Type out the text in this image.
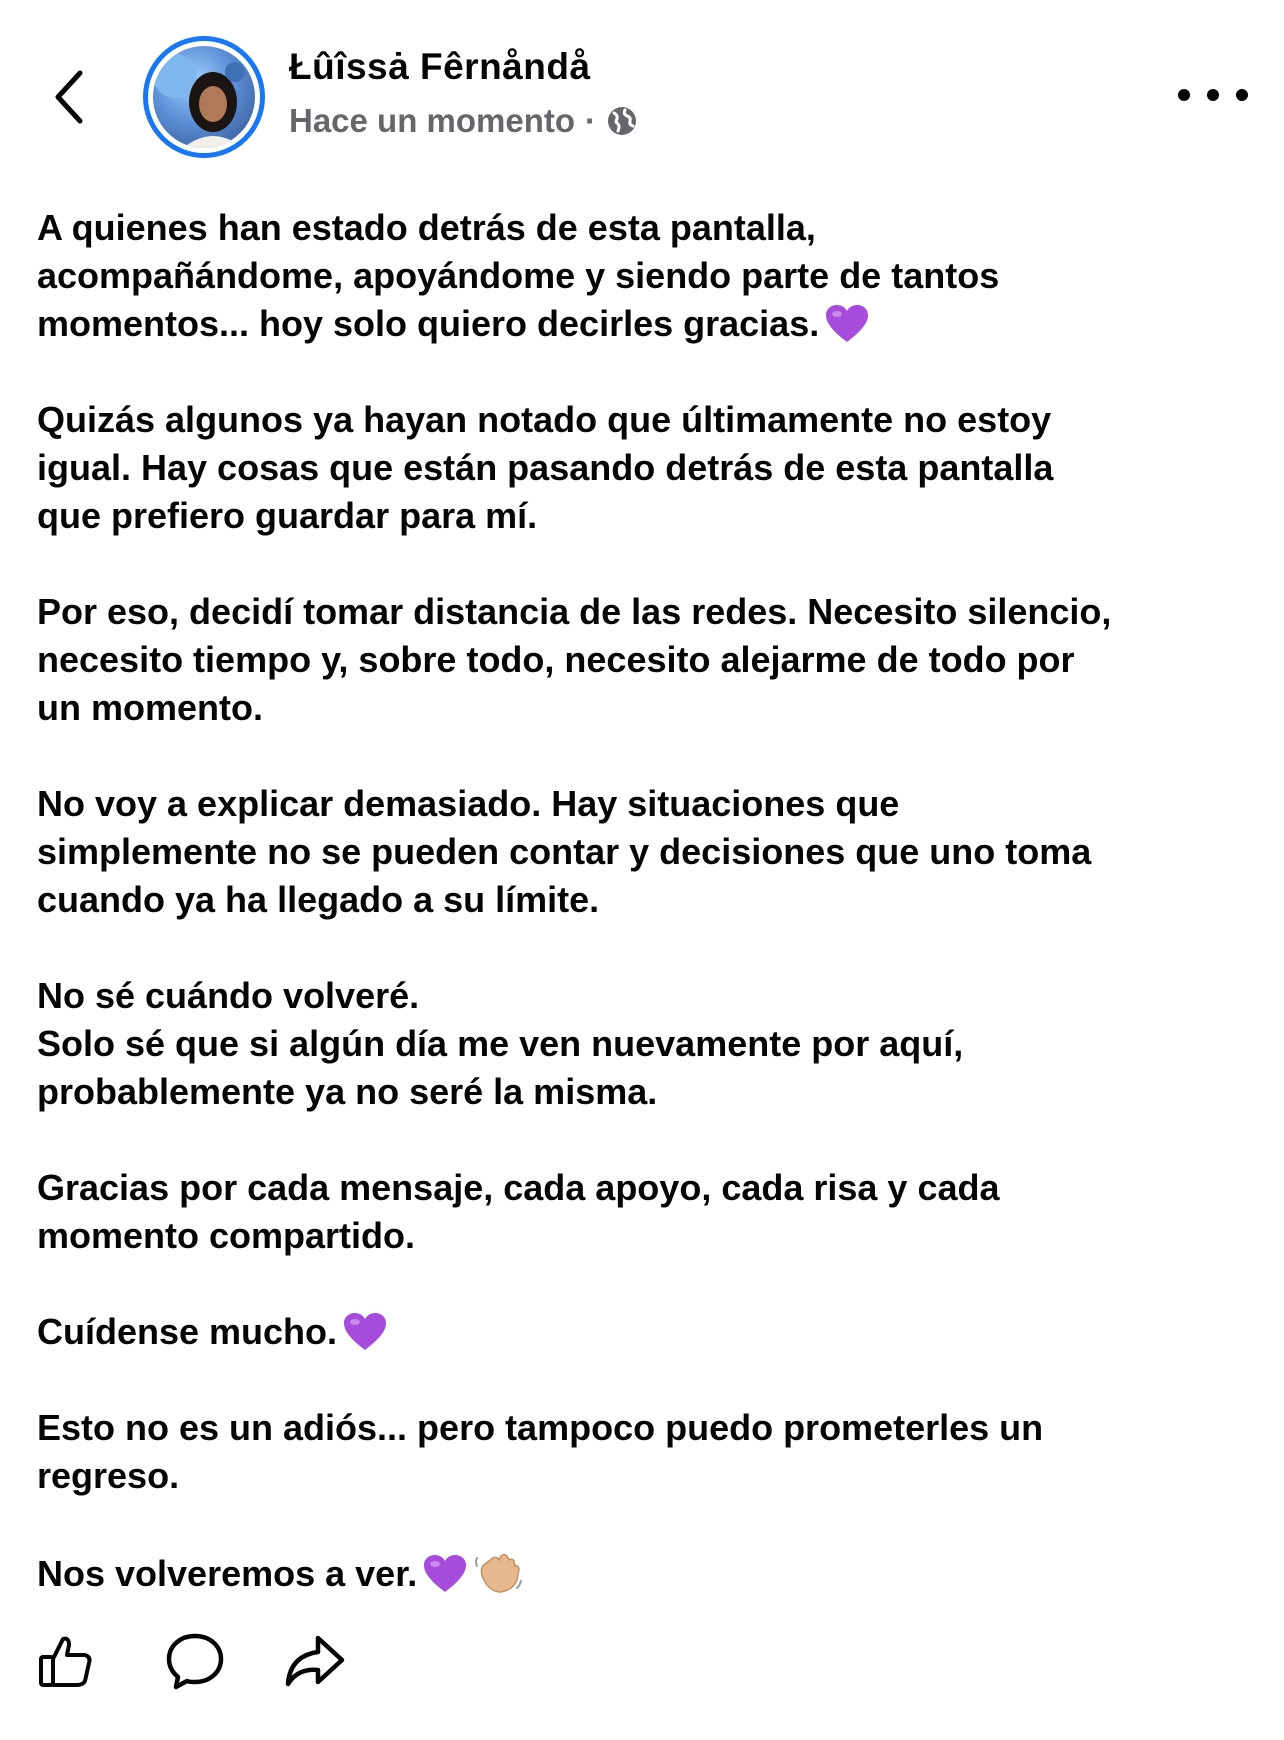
Łûîssȧ Fêrnåndå
Hace un momento ·

A quienes han estado detrás de esta pantalla,
acompañándome, apoyándome y siendo parte de tantos
momentos... hoy solo quiero decirles gracias.

Quizás algunos ya hayan notado que últimamente no estoy
igual. Hay cosas que están pasando detrás de esta pantalla
que prefiero guardar para mí.

Por eso, decidí tomar distancia de las redes. Necesito silencio,
necesito tiempo y, sobre todo, necesito alejarme de todo por
un momento.

No voy a explicar demasiado. Hay situaciones que
simplemente no se pueden contar y decisiones que uno toma
cuando ya ha llegado a su límite.

No sé cuándo volveré.
Solo sé que si algún día me ven nuevamente por aquí,
probablemente ya no seré la misma.

Gracias por cada mensaje, cada apoyo, cada risa y cada
momento compartido.

Cuídense mucho.

Esto no es un adiós... pero tampoco puedo prometerles un
regreso.

Nos volveremos a ver.
